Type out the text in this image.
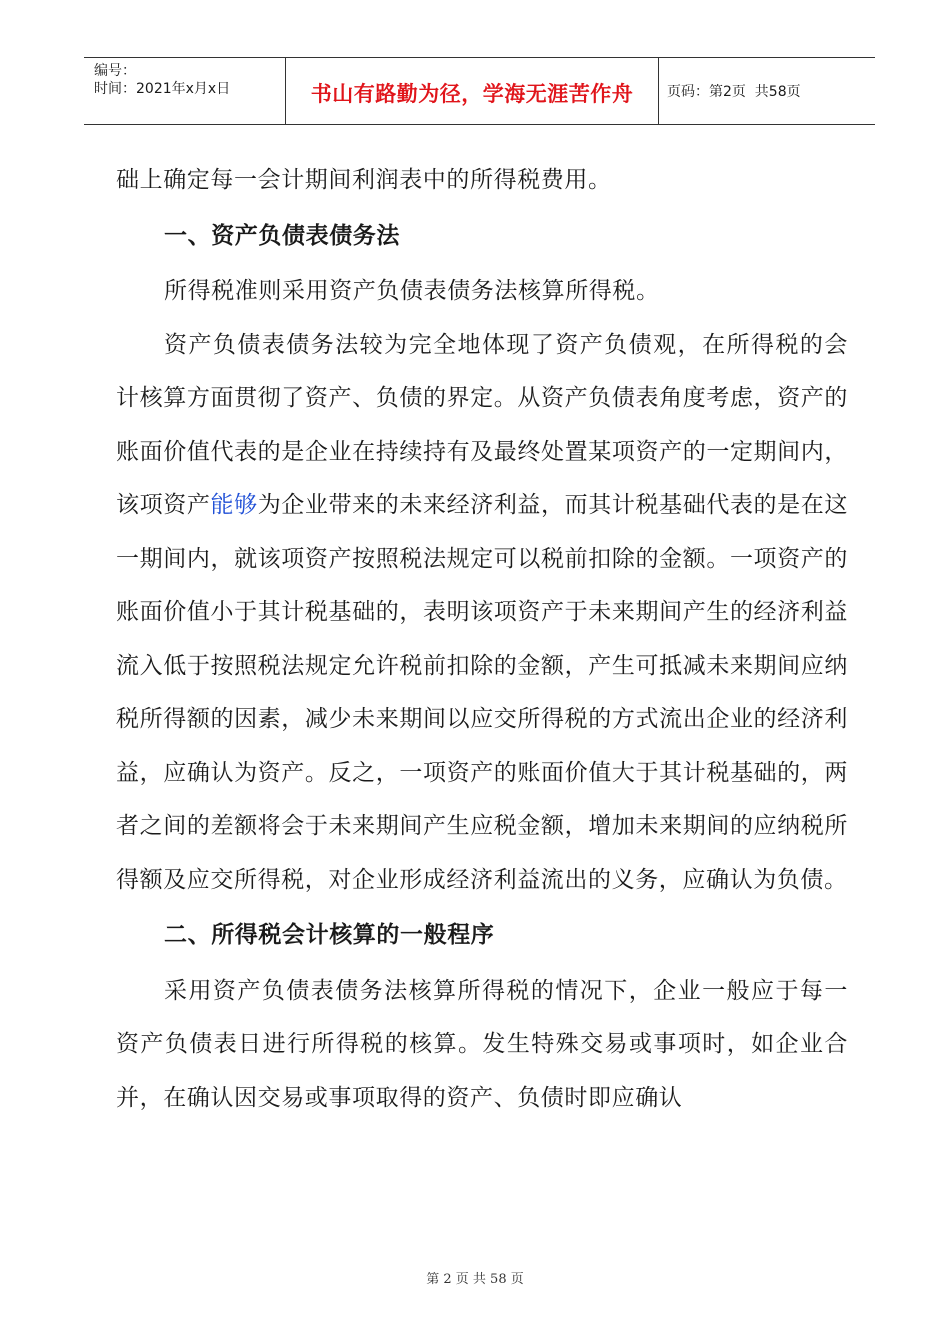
编号：
时间：2021年x月x日	书山有路勤为径，学海无涯苦作舟	页码：第2页  共58页

础上确定每一会计期间利润表中的所得税费用。

一、资产负债表债务法

所得税准则采用资产负债表债务法核算所得税。

资产负债表债务法较为完全地体现了资产负债观，在所得税的会计核算方面贯彻了资产、负债的界定。从资产负债表角度考虑，资产的账面价值代表的是企业在持续持有及最终处置某项资产的一定期间内，该项资产能够为企业带来的未来经济利益，而其计税基础代表的是在这一期间内，就该项资产按照税法规定可以税前扣除的金额。一项资产的账面价值小于其计税基础的，表明该项资产于未来期间产生的经济利益流入低于按照税法规定允许税前扣除的金额，产生可抵减未来期间应纳税所得额的因素，减少未来期间以应交所得税的方式流出企业的经济利益，应确认为资产。反之，一项资产的账面价值大于其计税基础的，两者之间的差额将会于未来期间产生应税金额，增加未来期间的应纳税所得额及应交所得税，对企业形成经济利益流出的义务，应确认为负债。

二、所得税会计核算的一般程序

采用资产负债表债务法核算所得税的情况下，企业一般应于每一资产负债表日进行所得税的核算。发生特殊交易或事项时，如企业合并，在确认因交易或事项取得的资产、负债时即应确认

第 2 页 共 58 页
